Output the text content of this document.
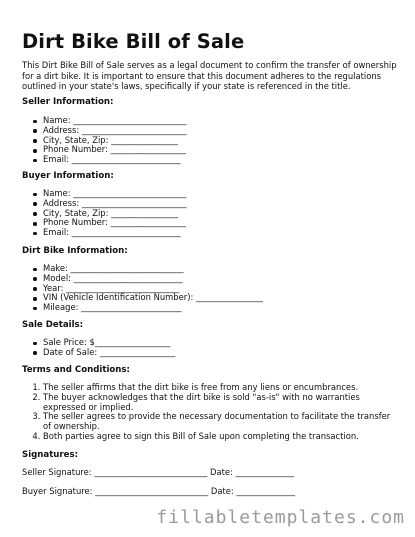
Dirt Bike Bill of Sale
This Dirt Bike Bill of Sale serves as a legal document to confirm the transfer of ownership for a dirt bike. It is important to ensure that this document adheres to the regulations outlined in your state's laws, specifically if your state is referenced in the title.
Seller Information:
Name: ___________________________
Address: _________________________
City, State, Zip: ________________
Phone Number: __________________
Email: __________________________
Buyer Information:
Name: ___________________________
Address: _________________________
City, State, Zip: ________________
Phone Number: __________________
Email: __________________________
Dirt Bike Information:
Make: ___________________________
Model: __________________________
Year: ___________________________
VIN (Vehicle Identification Number): ________________
Mileage: ________________________
Sale Details:
Sale Price: $__________________
Date of Sale: __________________
Terms and Conditions:
1. The seller affirms that the dirt bike is free from any liens or encumbrances.
2. The buyer acknowledges that the dirt bike is sold "as-is" with no warranties expressed or implied.
3. The seller agrees to provide the necessary documentation to facilitate the transfer of ownership.
4. Both parties agree to sign this Bill of Sale upon completing the transaction.
Signatures:
Seller Signature: ___________________________ Date: ______________
Buyer Signature: ___________________________ Date: ______________
fillabletemplates.com
